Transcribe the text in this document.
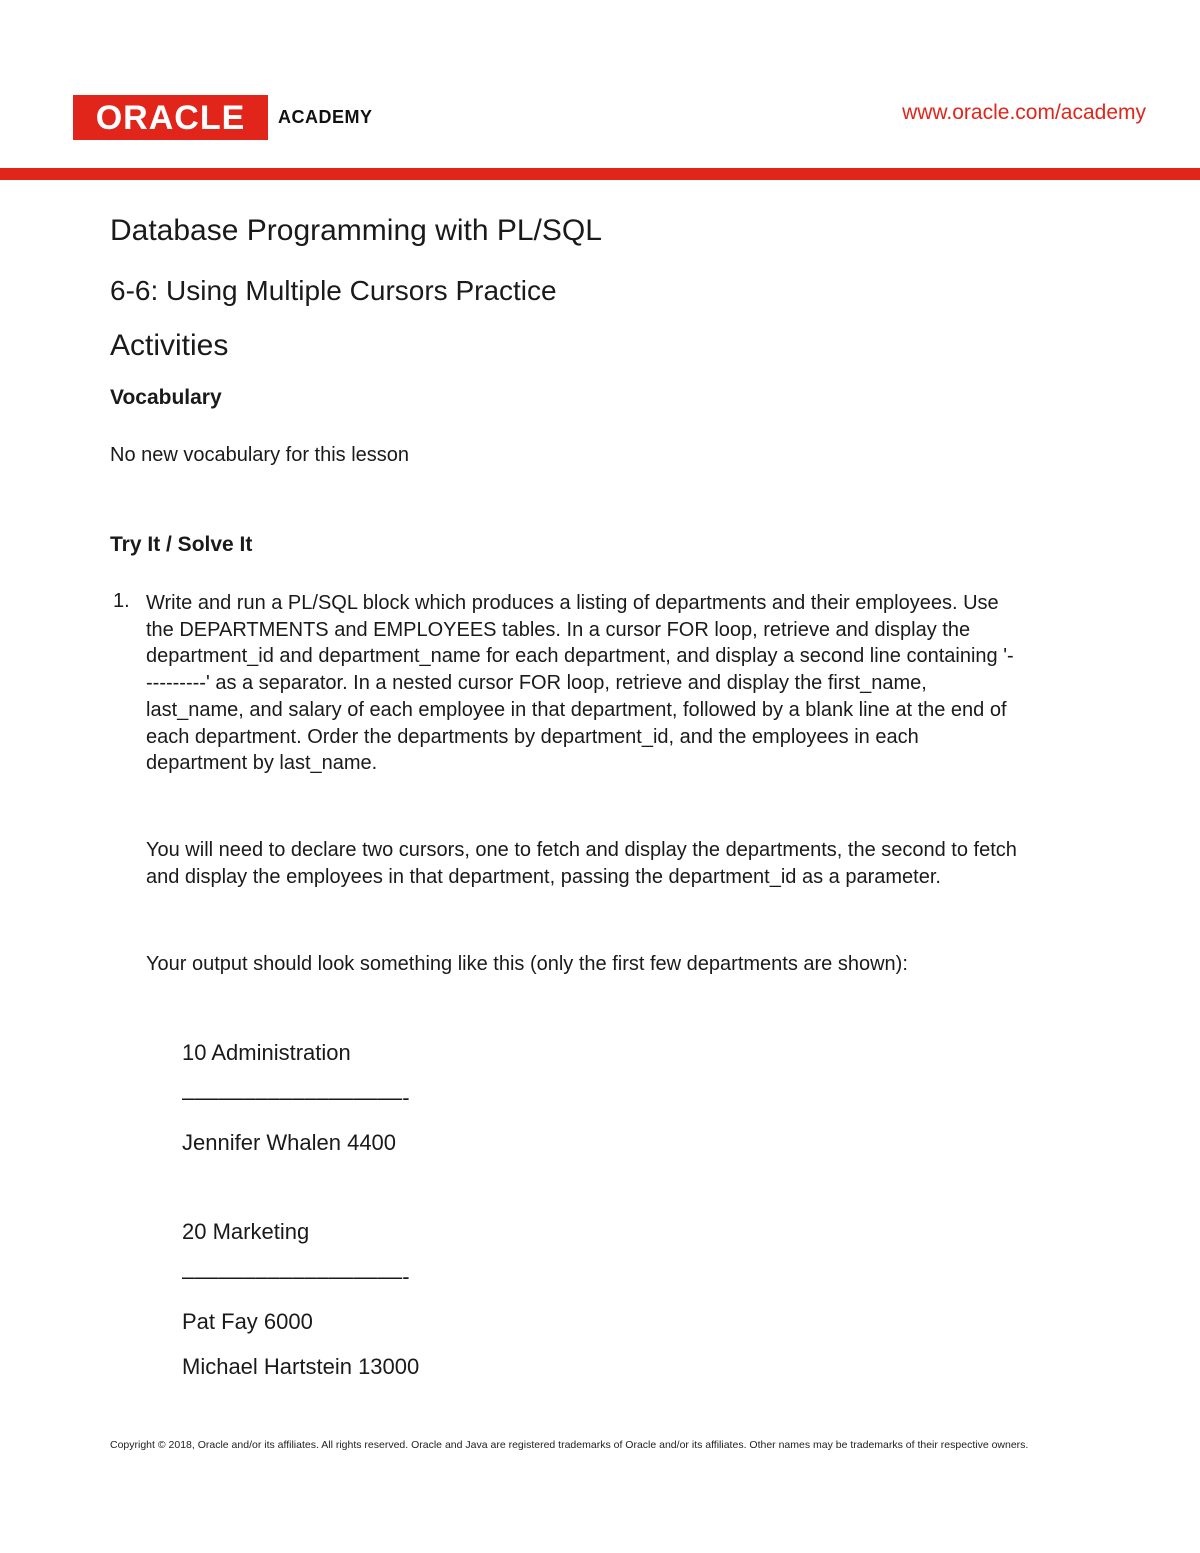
ORACLE ACADEMY	www.oracle.com/academy
Database Programming with PL/SQL
6-6: Using Multiple Cursors Practice
Activities
Vocabulary
No new vocabulary for this lesson
Try It / Solve It
1. Write and run a PL/SQL block which produces a listing of departments and their employees. Use
the DEPARTMENTS and EMPLOYEES tables. In a cursor FOR loop, retrieve and display the
department_id and department_name for each department, and display a second line containing '-
---------' as a separator. In a nested cursor FOR loop, retrieve and display the first_name,
last_name, and salary of each employee in that department, followed by a blank line at the end of
each department. Order the departments by department_id, and the employees in each
department by last_name.
You will need to declare two cursors, one to fetch and display the departments, the second to fetch
and display the employees in that department, passing the department_id as a parameter.
Your output should look something like this (only the first few departments are shown):
10 Administration
––––––––––––––––––-
Jennifer Whalen 4400
20 Marketing
––––––––––––––––––-
Pat Fay 6000
Michael Hartstein 13000
Copyright © 2018, Oracle and/or its affiliates. All rights reserved. Oracle and Java are registered trademarks of Oracle and/or its affiliates. Other names may be trademarks of their respective owners.
